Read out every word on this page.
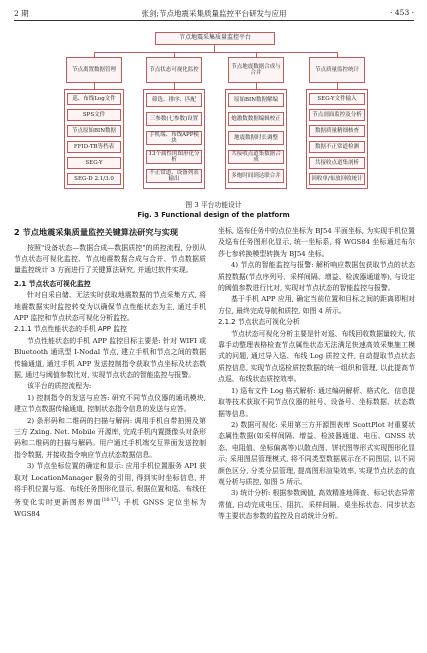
2 期	张剑;节点地震采集质量监控平台研发与应用	· 453 ·
节点地震采集质量监控平台
节点离置数据管理	节点状态可视化监控
节点地震数据合成与合并
节点质量监控统计
巡、布线Log文件
SPS文件
节点原始BIN数据
FFID-TB等档表
SEG-Y
SEG-D 2.1/3.0
筛选、排序、匹配
三参数(七参数)设置
手机端、布线APP模块
13个属性的图形化分析
不正常道、设备列表输出
原始BIN数据解编
炮激数数据编辑校正
地震数据时长调整
共接收点道集数据合成
多炮时间到达联合并
SEG-Y文件输入
节点剖面监控及分析
数据质量精细核查
数据不正常道检测
共接收点道集剖析
回收单/布放回收统计
图 3 平台功能设计
Fig. 3 Functional design of the platform

2 节点地震采集质量监控关键算法研究与实现

按照"设备状态—数据合成—数据质控"的质控流程, 分别从节点状态可视化监控、节点地震数据合成与合并、节点数据质量监控统计 3 方面进行了关键算法研究, 并通过软件实现。

2.1 节点状态可视化监控

针对自采自储、无法实时获取地震数据的节点采集方式, 将地震数据实时监控转变为以确保节点性能状态为主, 通过手机 APP 监控和节点状态可视化分析监控。

2.1.1 节点性能状态的手机 APP 监控

节点性能状态的手机 APP 监控目标主要是: 针对 WIFI 或 Bluetooth 通讯型 I-Nodal 节点, 建立手机和节点之间的数据传输通道, 通过手机 APP 发送控制指令获取节点坐标及状态数据, 通过与阈值参数比对, 实现节点状态的智能监控与报警。

该平台的质控流程为:

1) 控制指令的发送与应答: 研究不同节点仪器的通讯模块, 建立节点数据传输通道, 控制状态指令信息的发送与应答。

2) 条形码和二维码的扫描与解码: 调用手机自带拍照及第三方 Zxing. Net. Mobile 开源库, 完成手机内置摄像头对条形码和二维码的扫描与解码。用户通过手机端交互界面发送控制指令数据, 并接收指令响应节点状态数据信息。

3) 节点坐标位置的确定和显示: 应用手机位置服务 API 获取对 LocationManager 服务的引用, 得到实时坐标信息, 并将手机位置与巡、布线任务图形化显示, 根据位置和巡、布线任务变化实时更新图形界面[16-17]; 手机 GNSS 定位坐标为 WGS84

坐标, 巡布任务中的点位坐标为 BJ54 平面坐标, 为实现手机位置及巡布任务图形化显示, 统一坐标系, 将 WGS84 坐标通过布尔莎七参转换模型转换为 BJ54 坐标。

4) 节点的智能监控与报警: 解析响应数据包获取节点的状态质控数据(节点序列号、采样间隔、增益、检波器通道等), 与设定的阈值参数进行比对, 实现对节点状态的智能监控与报警。

基于手机 APP 应用, 确定当前位置和目标之间的距离即相对方位, 最终完成导航和质控, 如图 4 所示。

2.1.2 节点状态可视化分析

节点状态可视化分析主要是针对巡、布线回收数据量较大, 依靠手动整理表格检查节点属性状态无法满足快速高效采集施工模式的问题, 通过导入巡、布线 Log 质控文件, 自动提取节点状态质控信息, 实现节点巡检质控数据的统一组织和管理, 以此提高节点巡、布线状态质控效率。

1) 巡布文件 Log 格式解析: 通过编码解析、格式化、信息提取等技术获取不同节点仪器的桩号、设备号、坐标数据、状态数据等信息。

2) 数据可视化: 采用第三方开源图表库 ScottPlot 对重要状态属性数据(如采样间隔、增益、检波器通道、电压、GNSS 状态、电阻值、坐标偏离等)以散点图、饼状图等形式实现图形化显示; 采用图层管理模式, 将不同类型数据展示在不同图层, 以不同颜色区分, 分类分层管理, 提高图形渲染效率, 实现节点状态的直观分析与质控, 如图 5 所示。

3) 统计分析: 根据参数阈值, 高效精准地筛查、标记状态异常常值, 自动完成电压、阻抗、采样间隔、桌坐标状态、同步状态等主要状态参数的监控及自动统计分析。
